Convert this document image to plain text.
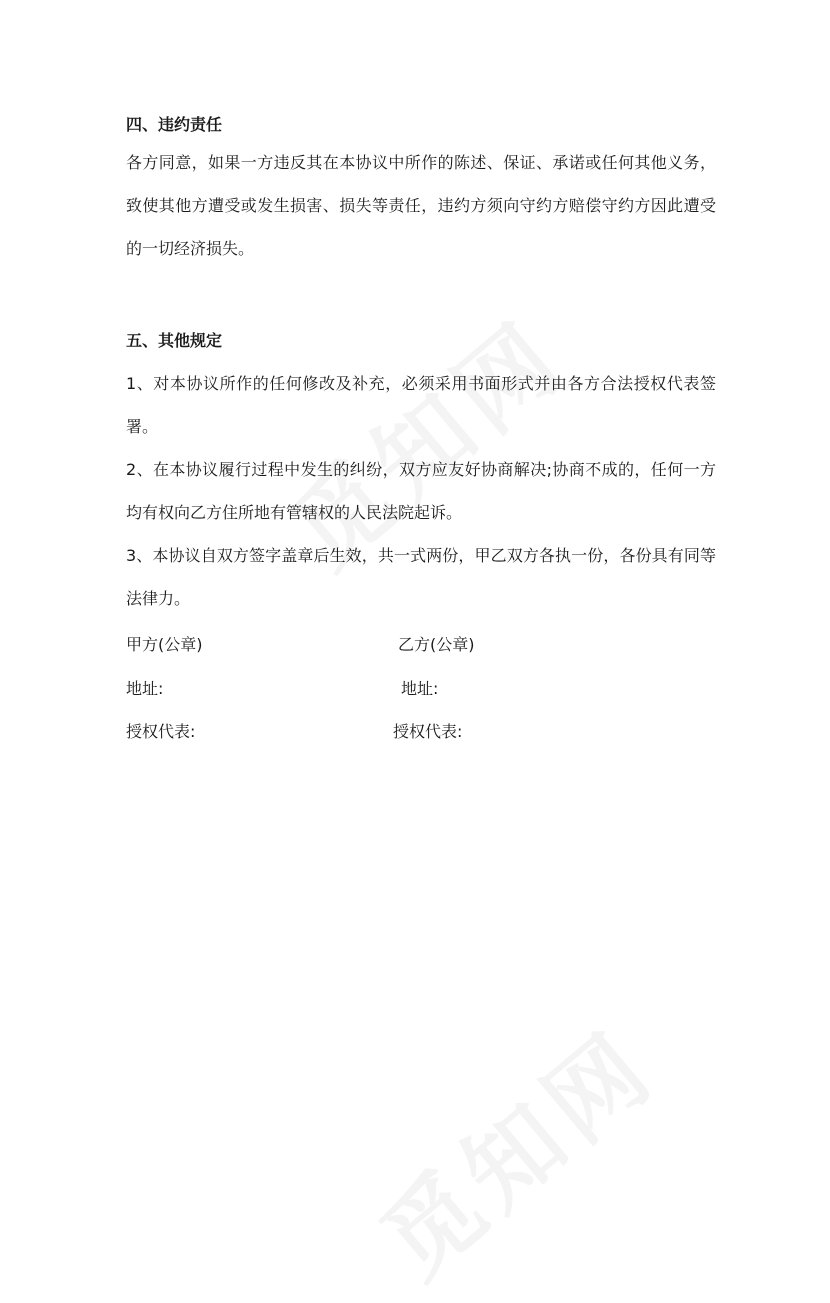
四、违约责任
各方同意，如果一方违反其在本协议中所作的陈述、保证、承诺或任何其他义务，致使其他方遭受或发生损害、损失等责任，违约方须向守约方赔偿守约方因此遭受的一切经济损失。
五、其他规定
1、对本协议所作的任何修改及补充，必须采用书面形式并由各方合法授权代表签署。
2、在本协议履行过程中发生的纠纷，双方应友好协商解决;协商不成的，任何一方均有权向乙方住所地有管辖权的人民法院起诉。
3、本协议自双方签字盖章后生效，共一式两份，甲乙双方各执一份，各份具有同等法律力。
甲方(公章)	乙方(公章)
地址:	地址:
授权代表:	授权代表:
